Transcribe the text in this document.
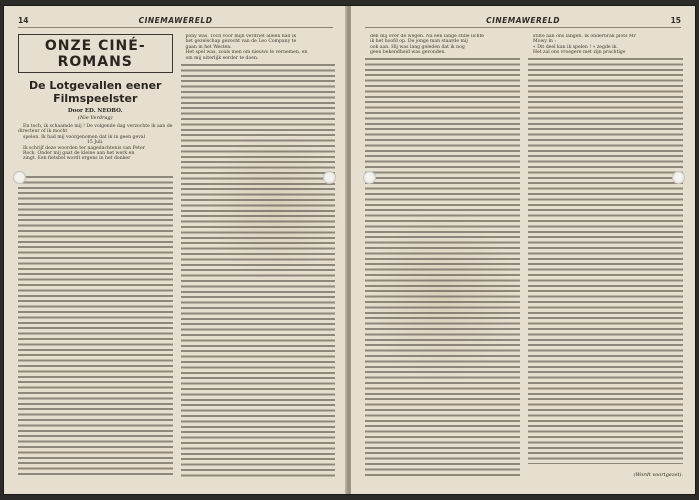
14	CINEMAWERELD
ONZE CINÉ-ROMANS
De Lotgevallen eener
Filmspeelster
Door ED. NEOBO.
(Nie Verdrag)

En toch, ik schaamde mij ! De volgende dag verzochte ik aan de directeur of ik mocht

spelen. Ik had mij voorgenomen dat ik in geen geval

15 Juli.

Ik schrijf deze woorden ter nagedachtenis van Peter

Rock. Onder mij gaat de kleine aan het werk en

zingt. Een fietsbel wordt ergens in het donker

pony was. Toch voor mijn verdriet alleen had ik

het gezelschap gezocht van de Leo Company te

gaan in het Westen.

Het spel was, zoals men om nieuws te vernemen, en

om mij uiterlijk eerder te doen.

CINEMAWERELD	15

den mij over de wegen. Na een lange stille lichte

ik het hoofd op. De jonge man staarde mij

ook aan. Hij was lang geleden dat ik nog

geen bekendheid was gevonden.

stilte aan ons langen. Ik onderbrak plots Mr

Mowy in :

« Dit deel kan ik spelen ! » zegde ik.

Het zal ons vroegere met zijn prachtige

(Wordt voortgezet).
